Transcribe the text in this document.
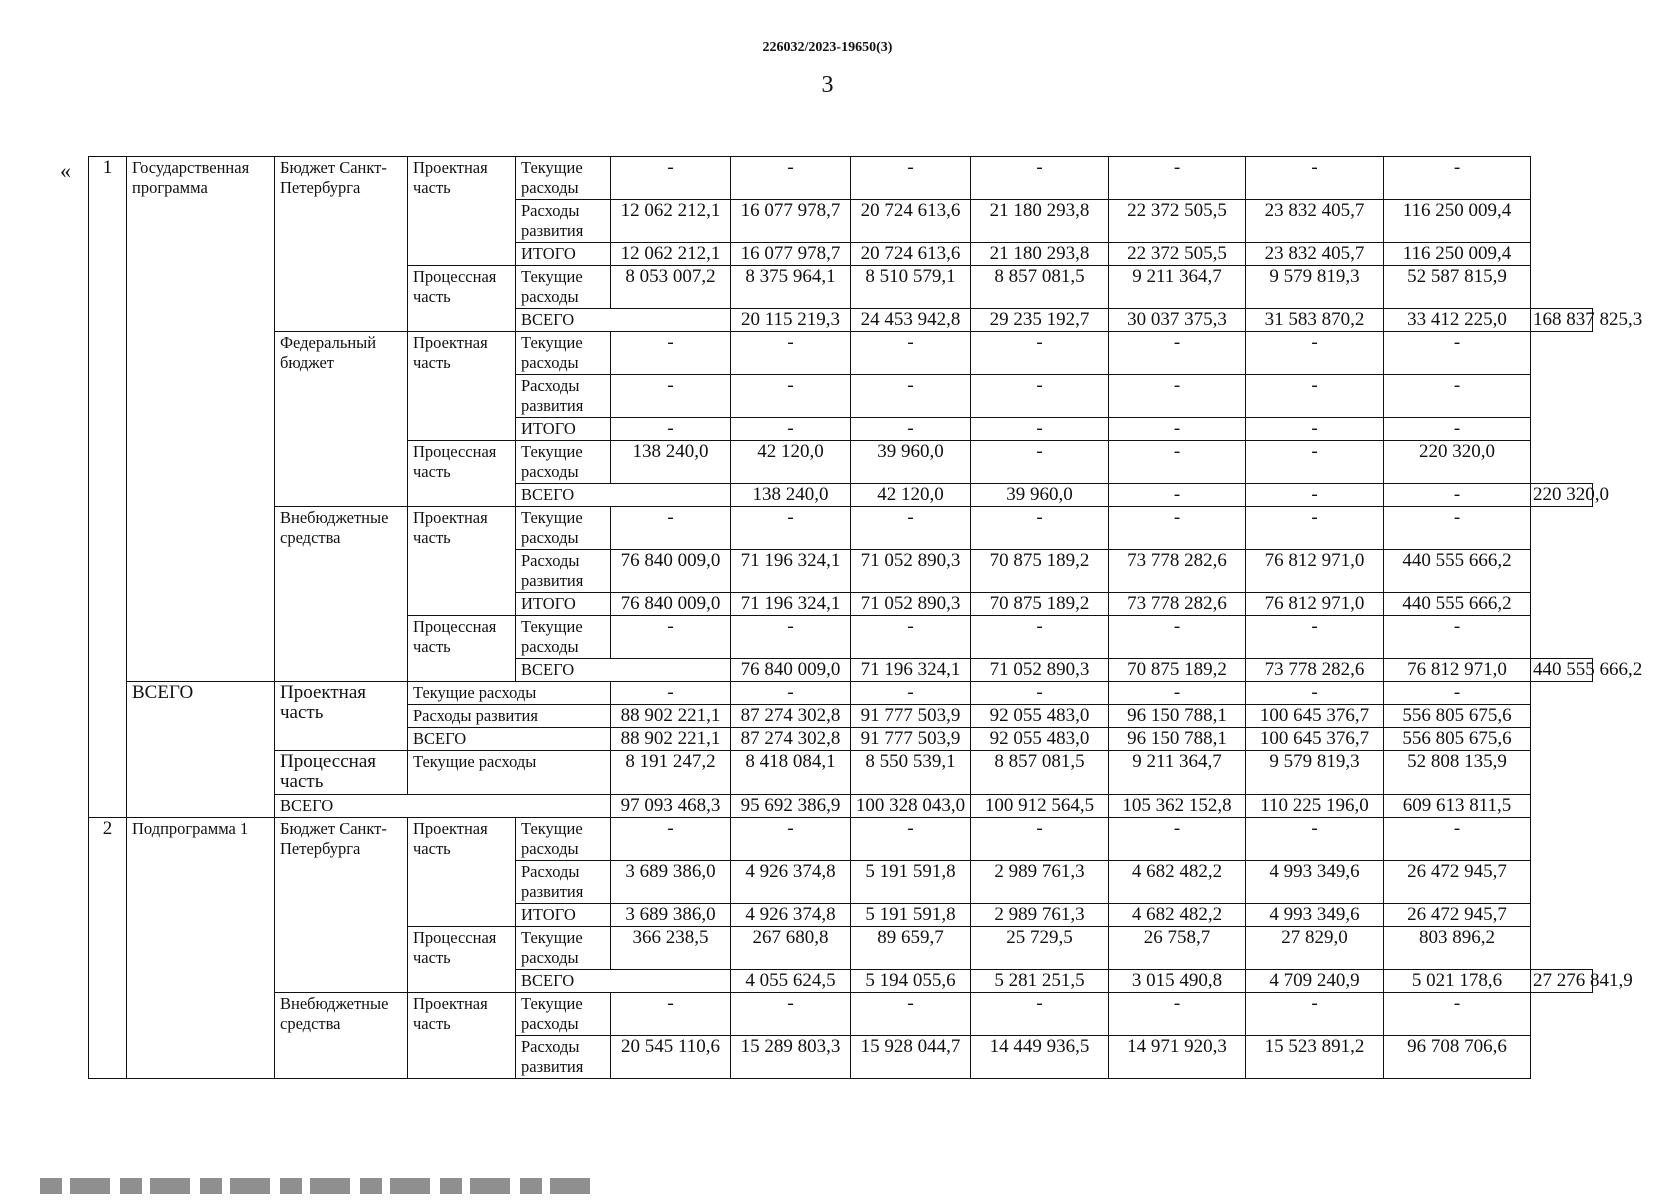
226032/2023-19650(3)
3
« 1	Государственная программа	Бюджет Санкт-Петербурга	Проектная часть	Текущие расходы	-	-	-	-	-	-	-	
				Расходы развития	12 062 212,1	16 077 978,7	20 724 613,6	21 180 293,8	22 372 505,5	23 832 405,7	116 250 009,4	
				ИТОГО	12 062 212,1	16 077 978,7	20 724 613,6	21 180 293,8	22 372 505,5	23 832 405,7	116 250 009,4	
			Процессная часть	Текущие расходы	8 053 007,2	8 375 964,1	8 510 579,1	8 857 081,5	9 211 364,7	9 579 819,3	52 587 815,9	
				ВСЕГО		20 115 219,3	24 453 942,8	29 235 192,7	30 037 375,3	31 583 870,2	33 412 225,0	168 837 825,3
		Федеральный бюджет	Проектная часть	Текущие расходы	-	-	-	-	-	-	-	
				Расходы развития	-	-	-	-	-	-	-	
				ИТОГО	-	-	-	-	-	-	-	
			Процессная часть	Текущие расходы	138 240,0	42 120,0	39 960,0	-	-	-	220 320,0	
				ВСЕГО		138 240,0	42 120,0	39 960,0	-	-	-	220 320,0
		Внебюджетные средства	Проектная часть	Текущие расходы	-	-	-	-	-	-	-	
				Расходы развития	76 840 009,0	71 196 324,1	71 052 890,3	70 875 189,2	73 778 282,6	76 812 971,0	440 555 666,2	
				ИТОГО	76 840 009,0	71 196 324,1	71 052 890,3	70 875 189,2	73 778 282,6	76 812 971,0	440 555 666,2	
			Процессная часть	Текущие расходы	-	-	-	-	-	-	-	
				ВСЕГО		76 840 009,0	71 196 324,1	71 052 890,3	70 875 189,2	73 778 282,6	76 812 971,0	440 555 666,2
	ВСЕГО	Проектная часть	Текущие расходы		-	-	-	-	-	-	-	
			Расходы развития		88 902 221,1	87 274 302,8	91 777 503,9	92 055 483,0	96 150 788,1	100 645 376,7	556 805 675,6	
			ВСЕГО		88 902 221,1	87 274 302,8	91 777 503,9	92 055 483,0	96 150 788,1	100 645 376,7	556 805 675,6	
		Процессная часть	Текущие расходы		8 191 247,2	8 418 084,1	8 550 539,1	8 857 081,5	9 211 364,7	9 579 819,3	52 808 135,9	
		ВСЕГО			97 093 468,3	95 692 386,9	100 328 043,0	100 912 564,5	105 362 152,8	110 225 196,0	609 613 811,5	
2	Подпрограмма 1	Бюджет Санкт-Петербурга	Проектная часть	Текущие расходы	-	-	-	-	-	-	-	
				Расходы развития	3 689 386,0	4 926 374,8	5 191 591,8	2 989 761,3	4 682 482,2	4 993 349,6	26 472 945,7	
				ИТОГО	3 689 386,0	4 926 374,8	5 191 591,8	2 989 761,3	4 682 482,2	4 993 349,6	26 472 945,7	
			Процессная часть	Текущие расходы	366 238,5	267 680,8	89 659,7	25 729,5	26 758,7	27 829,0	803 896,2	
				ВСЕГО		4 055 624,5	5 194 055,6	5 281 251,5	3 015 490,8	4 709 240,9	5 021 178,6	27 276 841,9
		Внебюджетные средства	Проектная часть	Текущие расходы	-	-	-	-	-	-	-	
				Расходы развития	20 545 110,6	15 289 803,3	15 928 044,7	14 449 936,5	14 971 920,3	15 523 891,2	96 708 706,6	
